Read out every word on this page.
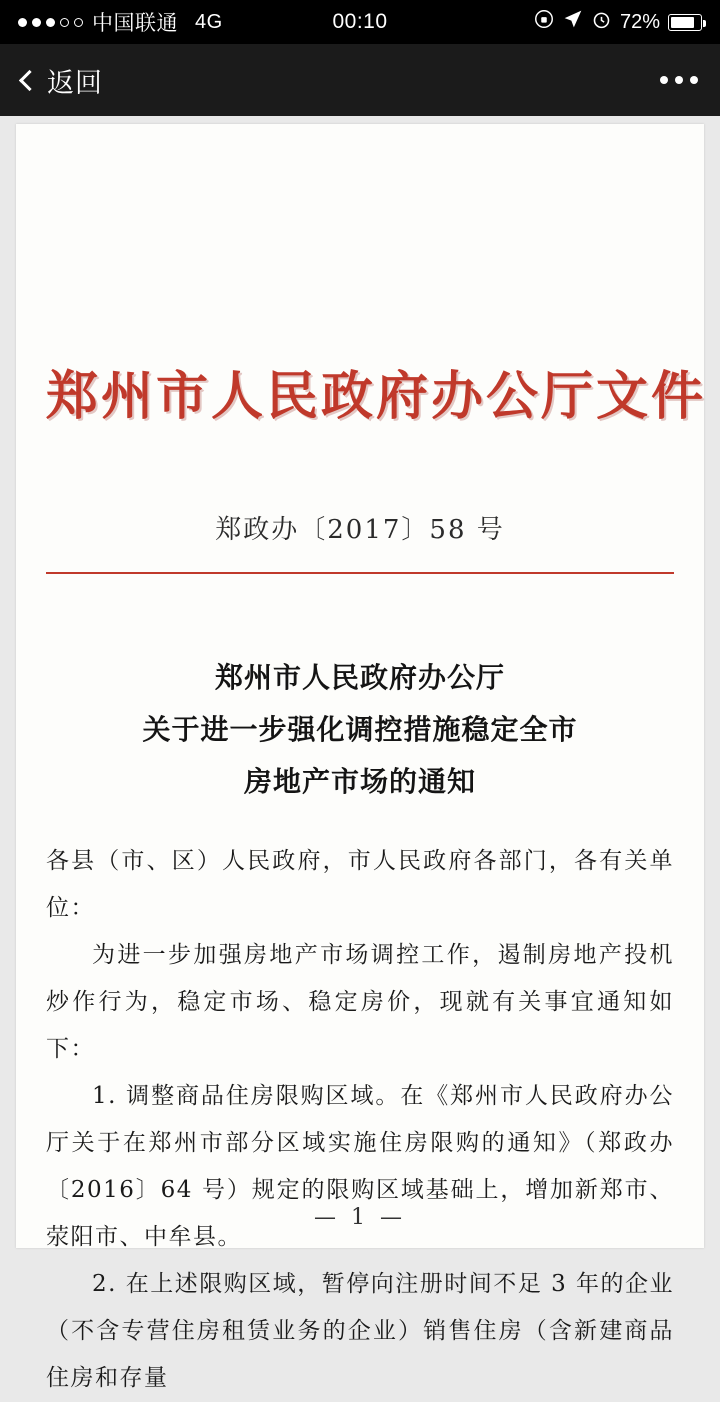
中国联通 4G	00:10	72%
返回
郑州市人民政府办公厅文件
郑政办〔2017〕58 号
郑州市人民政府办公厅
关于进一步强化调控措施稳定全市
房地产市场的通知

各县（市、区）人民政府，市人民政府各部门，各有关单位：

为进一步加强房地产市场调控工作，遏制房地产投机炒作行为，稳定市场、稳定房价，现就有关事宜通知如下：

1. 调整商品住房限购区域。在《郑州市人民政府办公厅关于在郑州市部分区域实施住房限购的通知》（郑政办〔2016〕64 号）规定的限购区域基础上，增加新郑市、荥阳市、中牟县。

2. 在上述限购区域，暂停向注册时间不足 3 年的企业（不含专营住房租赁业务的企业）销售住房（含新建商品住房和存量

— 1 —
